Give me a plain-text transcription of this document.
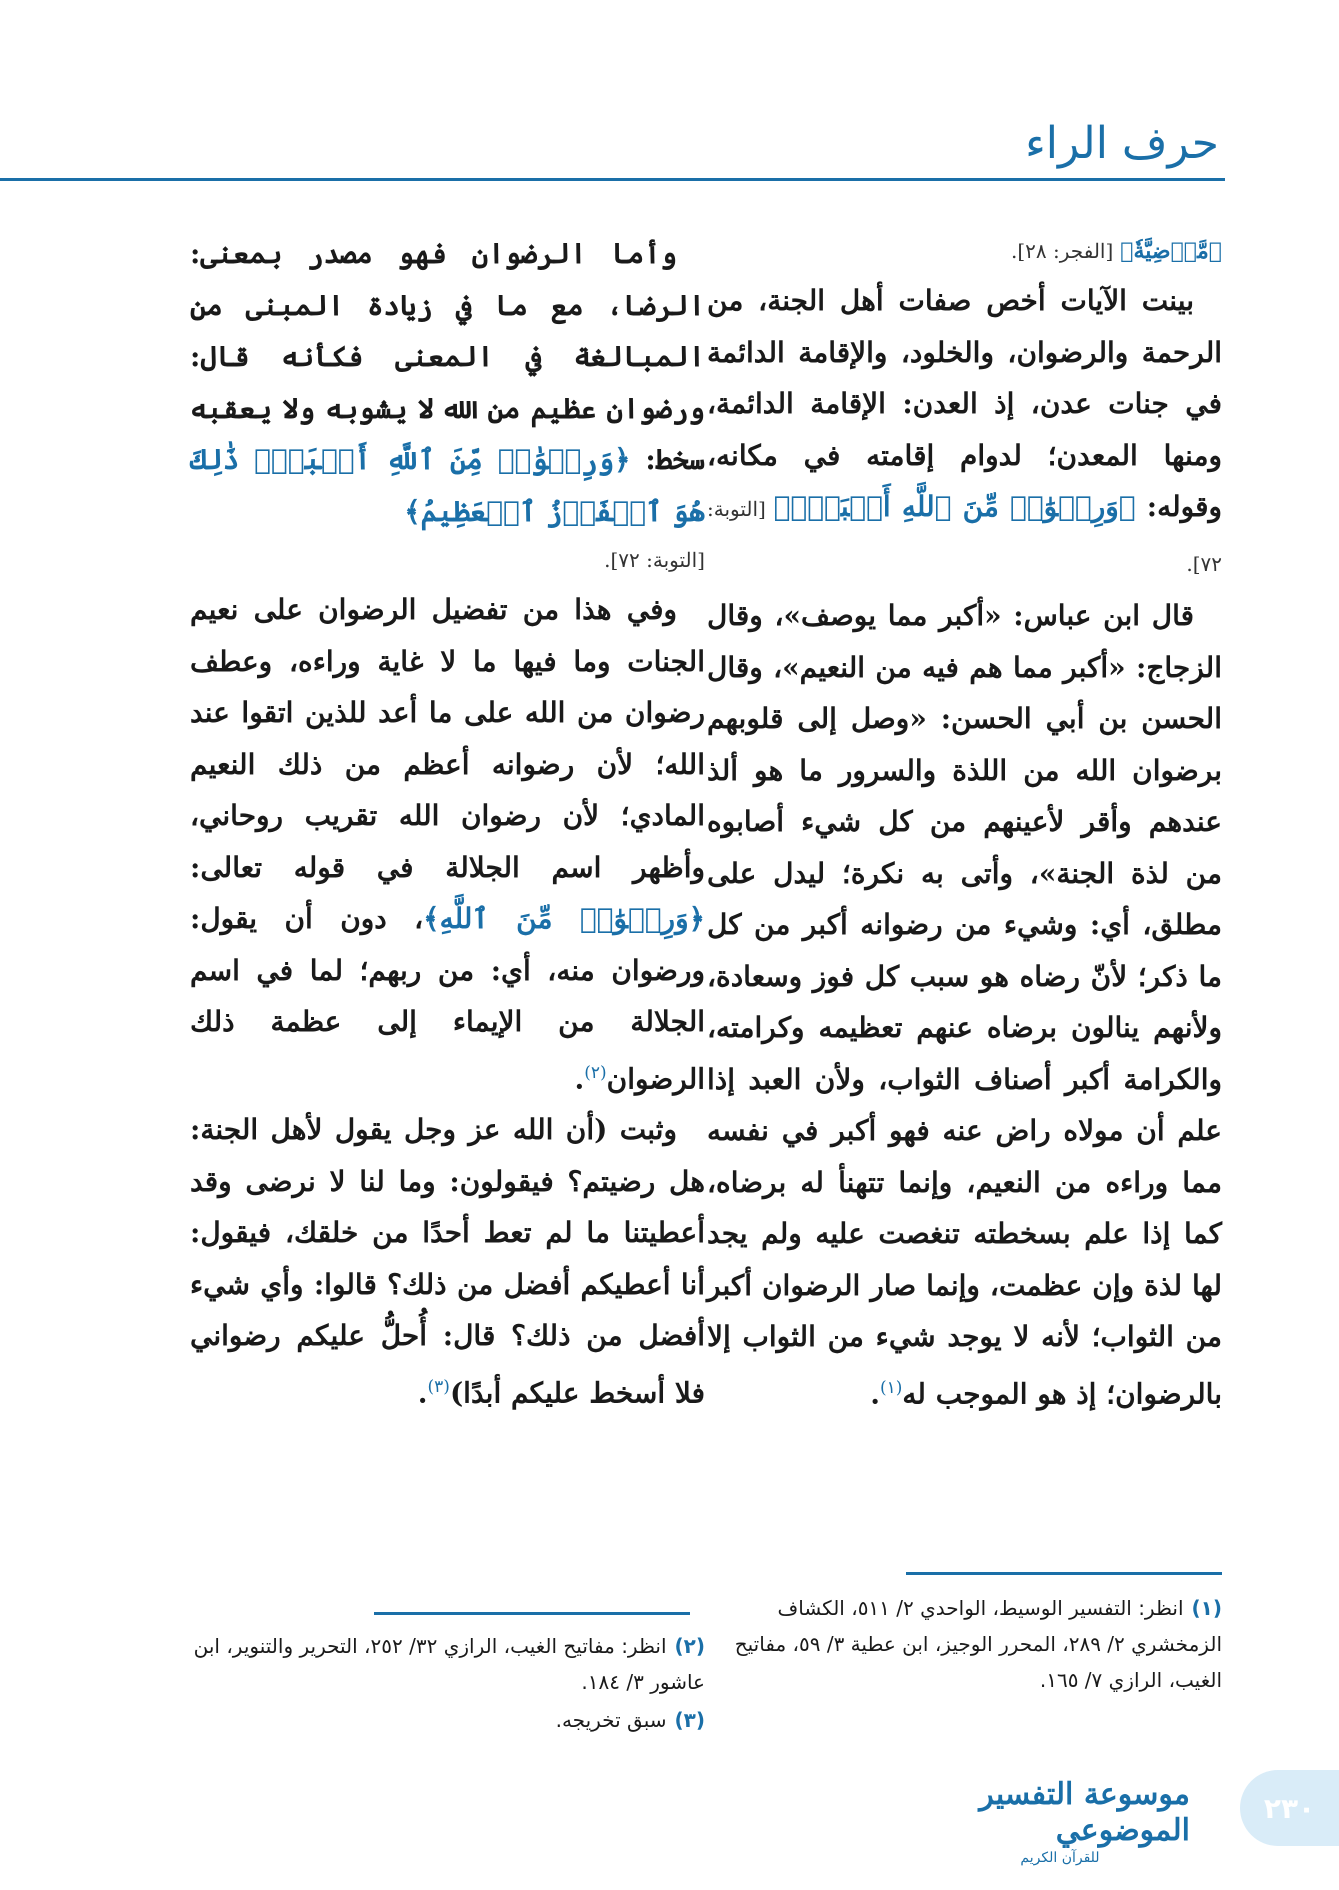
حرف الراء

﴿مَّرۡضِيَّةٗ﴾ [الفجر: ٢٨].

بينت الآيات أخص صفات أهل الجنة، من الرحمة والرضوان، والخلود، والإقامة الدائمة في جنات عدن، إذ العدن: الإقامة الدائمة، ومنها المعدن؛ لدوام إقامته في مكانه، وقوله: ﴿وَرِضۡوَٰنٞ مِّنَ ٱللَّهِ أَكۡبَرُۚ﴾ [التوبة: ٧٢].

قال ابن عباس: «أكبر مما يوصف»، وقال الزجاج: «أكبر مما هم فيه من النعيم»، وقال الحسن بن أبي الحسن: «وصل إلى قلوبهم برضوان الله من اللذة والسرور ما هو ألذ عندهم وأقر لأعينهم من كل شيء أصابوه من لذة الجنة»، وأتى به نكرة؛ ليدل على مطلق، أي: وشيء من رضوانه أكبر من كل ما ذكر؛ لأنّ رضاه هو سبب كل فوز وسعادة، ولأنهم ينالون برضاه عنهم تعظيمه وكرامته، والكرامة أكبر أصناف الثواب، ولأن العبد إذا علم أن مولاه راض عنه فهو أكبر في نفسه مما وراءه من النعيم، وإنما تتهنأ له برضاه، كما إذا علم بسخطته تنغصت عليه ولم يجد لها لذة وإن عظمت، وإنما صار الرضوان أكبر من الثواب؛ لأنه لا يوجد شيء من الثواب إلا بالرضوان؛ إذ هو الموجب له$^{(١)}$.

وأما الرضوان فهو مصدر بمعنى: الرضا، مع ما في زيادة المبنى من المبالغة في المعنى فكأنه قال: ورضوان عظيم من الله لا يشوبه ولا يعقبه سخط: ﴿وَرِضۡوَٰنٞ مِّنَ ٱللَّهِ أَكۡبَرُۚ ذَٰلِكَ هُوَ ٱلۡفَوۡزُ ٱلۡعَظِيمُ﴾

[التوبة: ٧٢].

وفي هذا من تفضيل الرضوان على نعيم الجنات وما فيها ما لا غاية وراءه، وعطف رضوان من الله على ما أعد للذين اتقوا عند الله؛ لأن رضوانه أعظم من ذلك النعيم المادي؛ لأن رضوان الله تقريب روحاني، وأظهر اسم الجلالة في قوله تعالى: ﴿وَرِضۡوَٰنٞ مِّنَ ٱللَّهِ﴾، دون أن يقول: ورضوان منه، أي: من ربهم؛ لما في اسم الجلالة من الإيماء إلى عظمة ذلك الرضوان$^{(٢)}$.

وثبت (أن الله عز وجل يقول لأهل الجنة: هل رضيتم؟ فيقولون: وما لنا لا نرضى وقد أعطيتنا ما لم تعط أحدًا من خلقك، فيقول: أنا أعطيكم أفضل من ذلك؟ قالوا: وأي شيء أفضل من ذلك؟ قال: أُحلُّ عليكم رضواني فلا أسخط عليكم أبدًا)$^{(٣)}$.

(١)انظر: التفسير الوسيط، الواحدي ٢/ ٥١١، الكشاف الزمخشري ٢/ ٢٨٩، المحرر الوجيز، ابن عطية ٣/ ٥٩، مفاتيح الغيب، الرازي ٧/ ١٦٥.

(٢)انظر: مفاتيح الغيب، الرازي ٣٢/ ٢٥٢، التحرير والتنوير، ابن عاشور ٣/ ١٨٤.

(٣)سبق تخريجه.

موسوعة التفسير الموضوعي
للقرآن الكريم
٢٣٠
